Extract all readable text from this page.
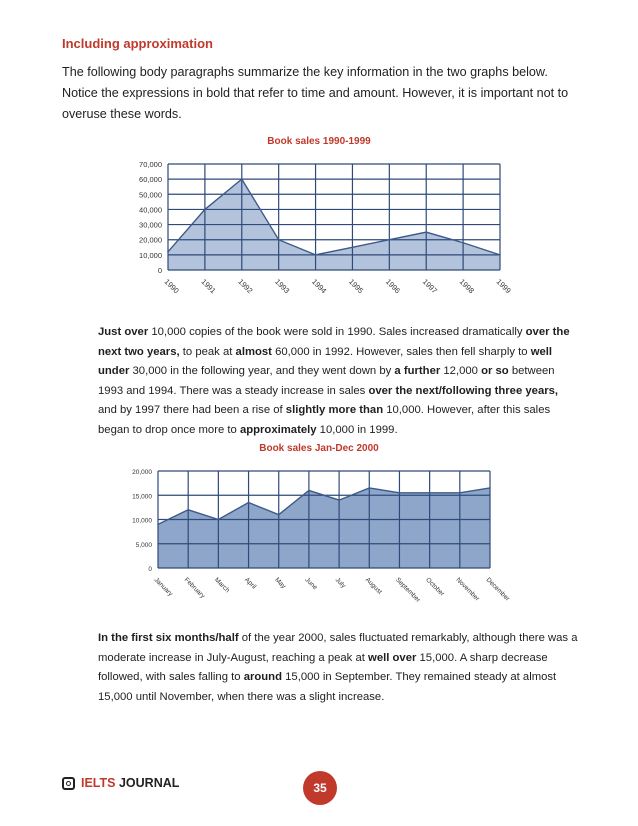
Including approximation
The following body paragraphs summarize the key information in the two graphs below. Notice the expressions in bold that refer to time and amount. However, it is important not to overuse these words.
Book sales 1990-1999
0
10,000
20,000
30,000
40,000
50,000
60,000
70,000
1990 1991 1992 1993 1994 1995 1996 1997 1998 1999
Just over 10,000 copies of the book were sold in 1990. Sales increased dramatically over the next two years, to peak at almost 60,000 in 1992. However, sales then fell sharply to well under 30,000 in the following year, and they went down by a further 12,000 or so between 1993 and 1994. There was a steady increase in sales over the next/following three years, and by 1997 there had been a rise of slightly more than 10,000. However, after this sales began to drop once more to approximately 10,000 in 1999.
Book sales Jan-Dec 2000
0
5,000
10,000
15,000
20,000
January February March April May	June July	August September October November December
In the first six months/half of the year 2000, sales fluctuated remarkably, although there was a moderate increase in July-August, reaching a peak at well over 15,000. A sharp decrease followed, with sales falling to around 15,000 in September. They remained steady at almost 15,000 until November, when there was a slight increase.
IELTS JOURNAL	35
